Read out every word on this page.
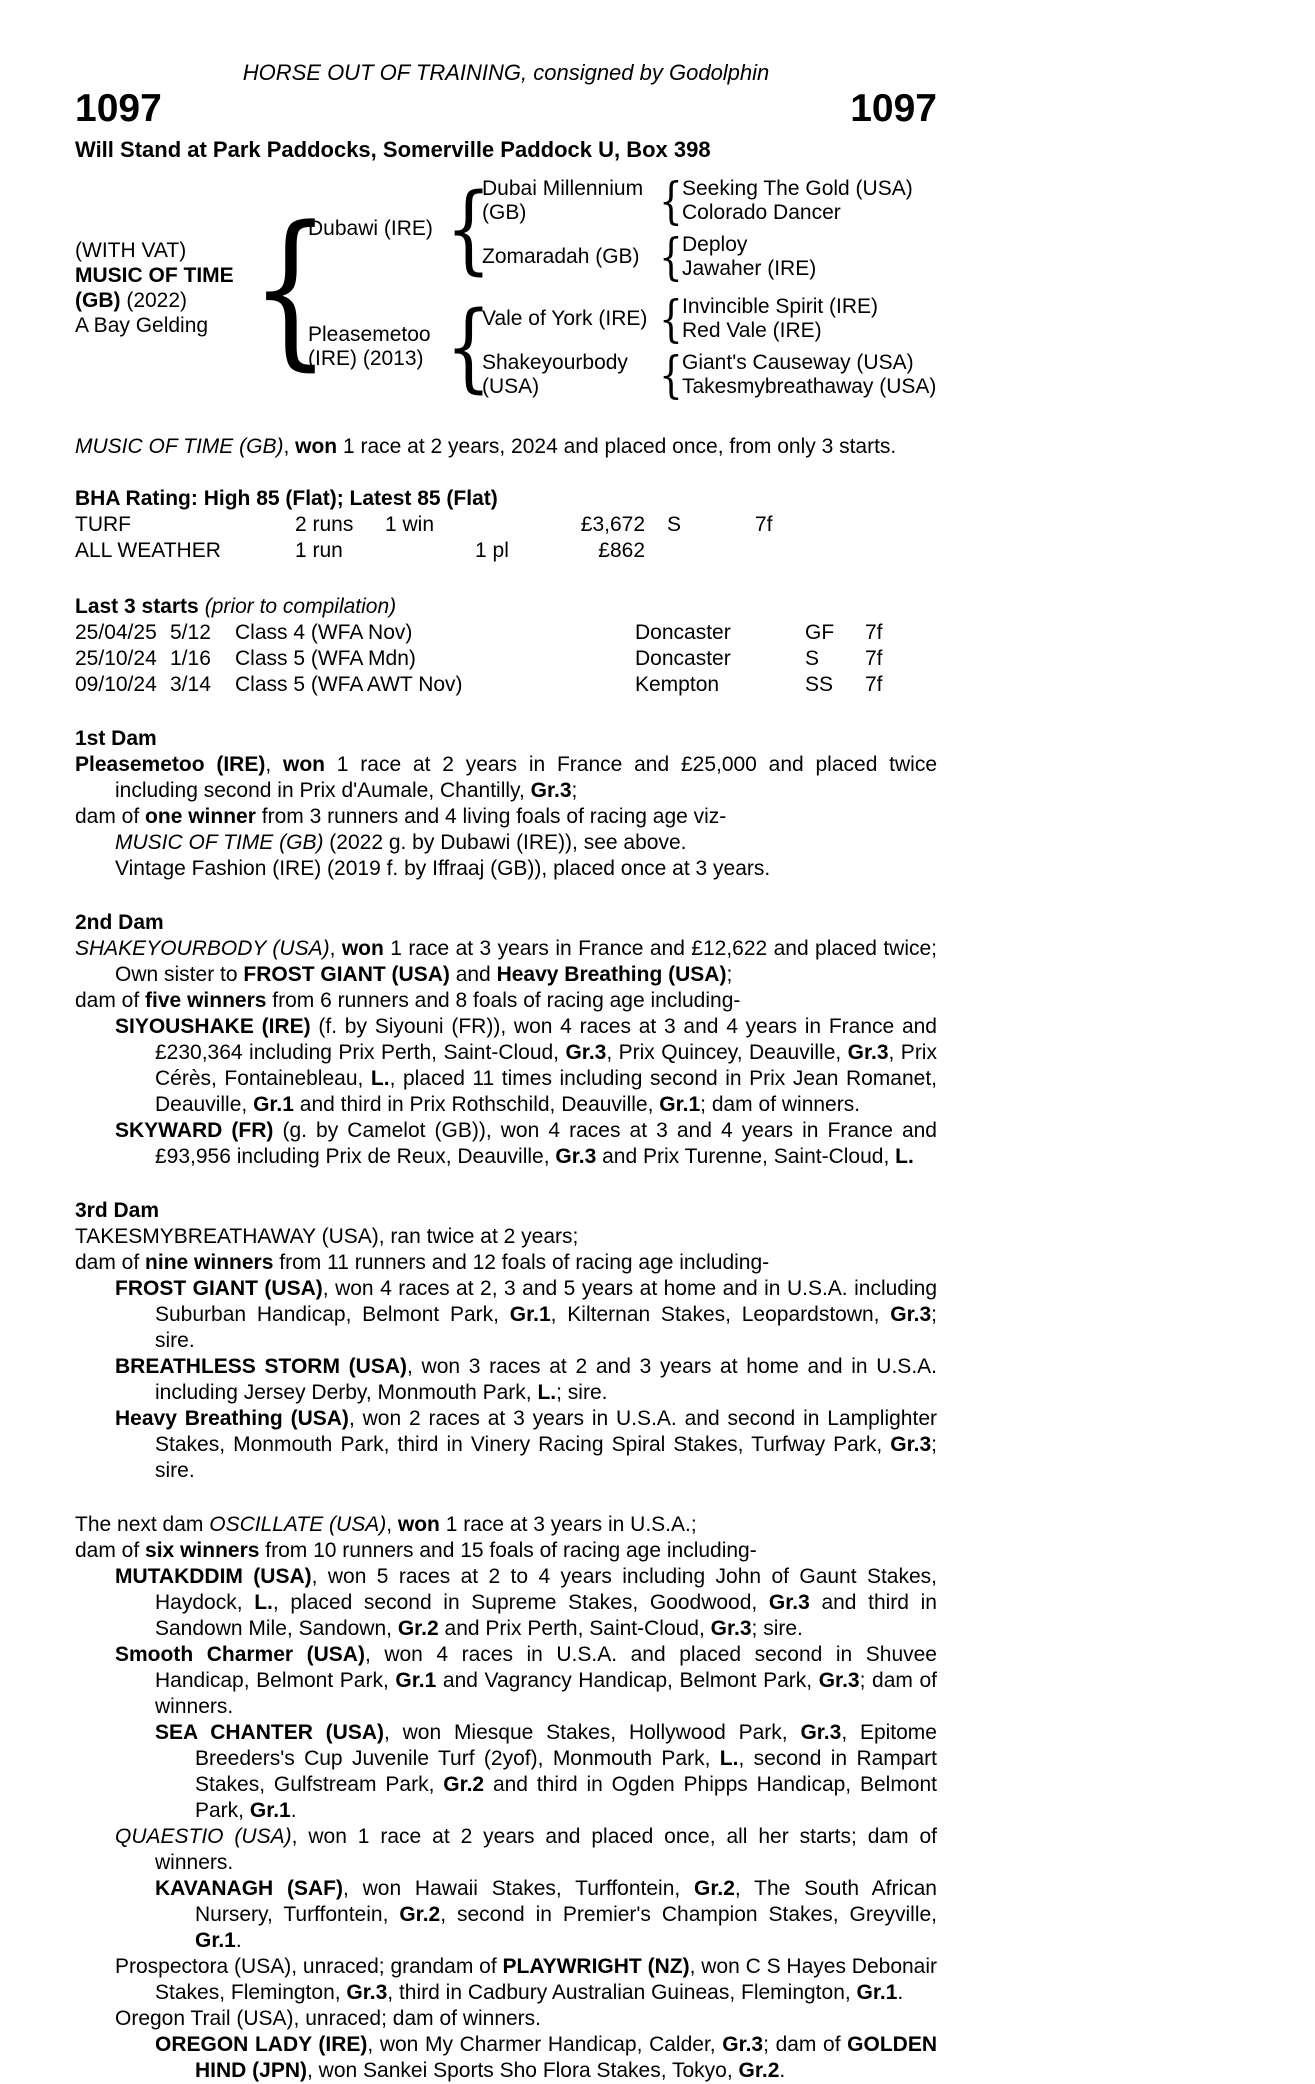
HORSE OUT OF TRAINING, consigned by Godolphin
1097	1097
Will Stand at Park Paddocks, Somerville Paddock U, Box 398
(WITH VAT)
MUSIC OF TIME
(GB) (2022)
A Bay Gelding {
Dubawi (IRE) {
Dubai Millennium (GB)	{ Seeking The Gold (USA)
Colorado Dancer
Zomaradah (GB) { Deploy
Jawaher (IRE)
Pleasemetoo (IRE) (2013) {
Vale of York (IRE) { Invincible Spirit (IRE)
Red Vale (IRE)
Shakeyourbody (USA)	{ Giant's Causeway (USA)
Takesmybreathaway (USA)

MUSIC OF TIME (GB), won 1 race at 2 years, 2024 and placed once, from only 3 starts.

BHA Rating: High 85 (Flat); Latest 85 (Flat)
TURF	2 runs	1 win	£3,672	S	7f
ALL WEATHER	1 run	1 pl	£862
Last 3 starts (prior to compilation)
25/04/25 5/12	Class 4 (WFA Nov)	Doncaster	GF	7f
25/10/24 1/16	Class 5 (WFA Mdn)	Doncaster	S	7f
09/10/24 3/14	Class 5 (WFA AWT Nov)	Kempton	SS	7f
1st Dam

Pleasemetoo (IRE), won 1 race at 2 years in France and £25,000 and placed twice including second in Prix d'Aumale, Chantilly, Gr.3;

dam of one winner from 3 runners and 4 living foals of racing age viz-

MUSIC OF TIME (GB) (2022 g. by Dubawi (IRE)), see above.

Vintage Fashion (IRE) (2019 f. by Iffraaj (GB)), placed once at 3 years.

2nd Dam

SHAKEYOURBODY (USA), won 1 race at 3 years in France and £12,622 and placed twice; Own sister to FROST GIANT (USA) and Heavy Breathing (USA);

dam of five winners from 6 runners and 8 foals of racing age including-

SIYOUSHAKE (IRE) (f. by Siyouni (FR)), won 4 races at 3 and 4 years in France and £230,364 including Prix Perth, Saint-Cloud, Gr.3, Prix Quincey, Deauville, Gr.3, Prix Cérès, Fontainebleau, L., placed 11 times including second in Prix Jean Romanet, Deauville, Gr.1 and third in Prix Rothschild, Deauville, Gr.1; dam of winners.

SKYWARD (FR) (g. by Camelot (GB)), won 4 races at 3 and 4 years in France and £93,956 including Prix de Reux, Deauville, Gr.3 and Prix Turenne, Saint-Cloud, L.

3rd Dam

TAKESMYBREATHAWAY (USA), ran twice at 2 years;

dam of nine winners from 11 runners and 12 foals of racing age including-

FROST GIANT (USA), won 4 races at 2, 3 and 5 years at home and in U.S.A. including Suburban Handicap, Belmont Park, Gr.1, Kilternan Stakes, Leopardstown, Gr.3; sire.

BREATHLESS STORM (USA), won 3 races at 2 and 3 years at home and in U.S.A. including Jersey Derby, Monmouth Park, L.; sire.

Heavy Breathing (USA), won 2 races at 3 years in U.S.A. and second in Lamplighter Stakes, Monmouth Park, third in Vinery Racing Spiral Stakes, Turfway Park, Gr.3; sire.

The next dam OSCILLATE (USA), won 1 race at 3 years in U.S.A.;

dam of six winners from 10 runners and 15 foals of racing age including-

MUTAKDDIM (USA), won 5 races at 2 to 4 years including John of Gaunt Stakes, Haydock, L., placed second in Supreme Stakes, Goodwood, Gr.3 and third in Sandown Mile, Sandown, Gr.2 and Prix Perth, Saint-Cloud, Gr.3; sire.

Smooth Charmer (USA), won 4 races in U.S.A. and placed second in Shuvee Handicap, Belmont Park, Gr.1 and Vagrancy Handicap, Belmont Park, Gr.3; dam of winners.

SEA CHANTER (USA), won Miesque Stakes, Hollywood Park, Gr.3, Epitome Breeders's Cup Juvenile Turf (2yof), Monmouth Park, L., second in Rampart Stakes, Gulfstream Park, Gr.2 and third in Ogden Phipps Handicap, Belmont Park, Gr.1.

QUAESTIO (USA), won 1 race at 2 years and placed once, all her starts; dam of winners.

KAVANAGH (SAF), won Hawaii Stakes, Turffontein, Gr.2, The South African Nursery, Turffontein, Gr.2, second in Premier's Champion Stakes, Greyville, Gr.1.

Prospectora (USA), unraced; grandam of PLAYWRIGHT (NZ), won C S Hayes Debonair Stakes, Flemington, Gr.3, third in Cadbury Australian Guineas, Flemington, Gr.1.

Oregon Trail (USA), unraced; dam of winners.

OREGON LADY (IRE), won My Charmer Handicap, Calder, Gr.3; dam of GOLDEN HIND (JPN), won Sankei Sports Sho Flora Stakes, Tokyo, Gr.2.
